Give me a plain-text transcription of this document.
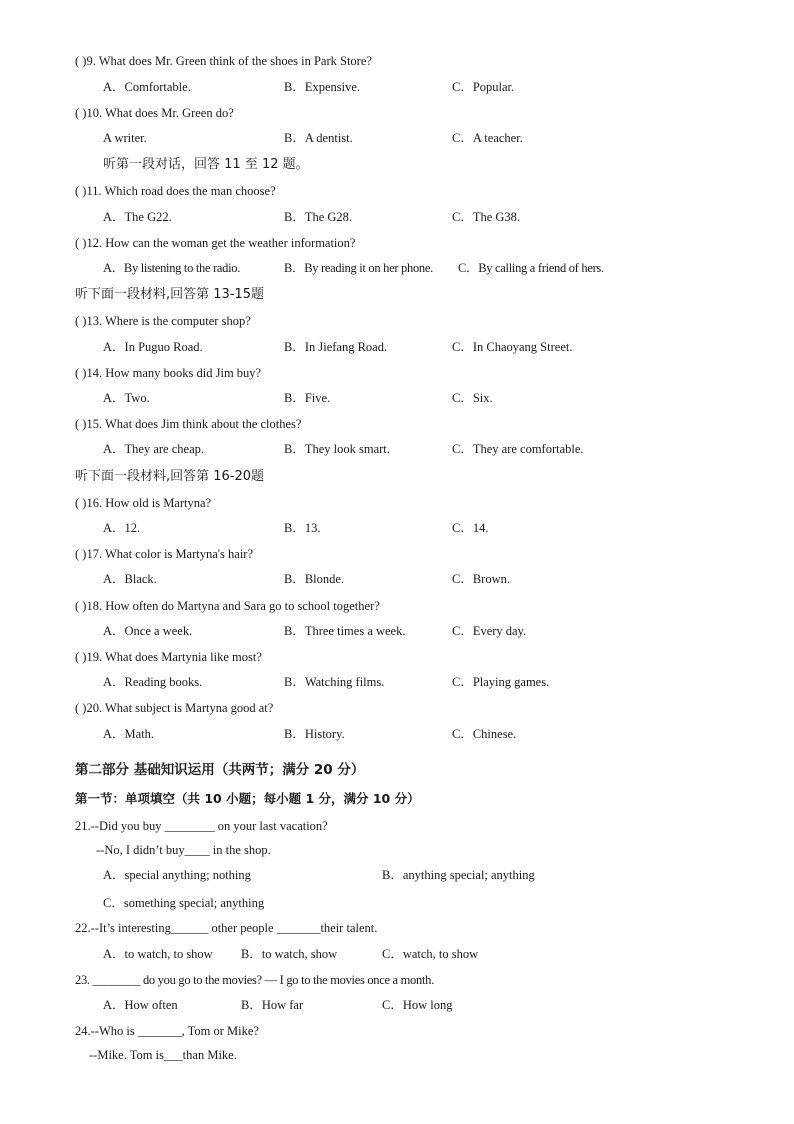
( )9. What does Mr. Green think of the shoes in Park Store?
A．Comfortable.	B．Expensive.	C．Popular.
( )10. What does Mr. Green do?
A writer.	B．A dentist.	C．A teacher.
听第一段对话，回答 11 至 12 题。
( )11. Which road does the man choose?
A．The G22.	B．The G28.	C．The G38.
( )12. How can the woman get the weather information?
A．By listening to the radio.	B．By reading it on her phone. C．By calling a friend of hers.
听下面一段材料,回答第 13-15题
( )13. Where is the computer shop?
A．In Puguo Road.	B．In Jiefang Road.	C．In Chaoyang Street.
( )14. How many books did Jim buy?
A．Two.	B．Five.	C．Six.
( )15. What does Jim think about the clothes?
A．They are cheap.	B．They look smart.	C．They are comfortable.
听下面一段材料,回答第 16-20题
( )16. How old is Martyna?
A．12.	B．13.	C．14.
( )17. What color is Martyna's hair?
A．Black.	B．Blonde.	C．Brown.
( )18. How often do Martyna and Sara go to school together?
A．Once a week.	B．Three times a week.	C．Every day.
( )19. What does Martynia like most?
A．Reading books.	B．Watching films.	C．Playing games.
( )20. What subject is Martyna good at?
A．Math.	B．History.	C．Chinese.
第二部分 基础知识运用（共两节；满分 20 分）
第一节：单项填空（共 10 小题；每小题 1 分，满分 10 分）
21.--Did you buy ________ on your last vacation?
--No, I didn’t buy____ in the shop.
A．special anything; nothing	B．anything special; anything
C．something special; anything
22.--It’s interesting______ other people _______their talent.
A．to watch, to show B．to watch, show	C．watch, to show
23. ________ do you go to the movies? — I go to the movies once a month.
A．How often	B．How far	C．How long
24.--Who is _______, Tom or Mike?
--Mike. Tom is___than Mike.
